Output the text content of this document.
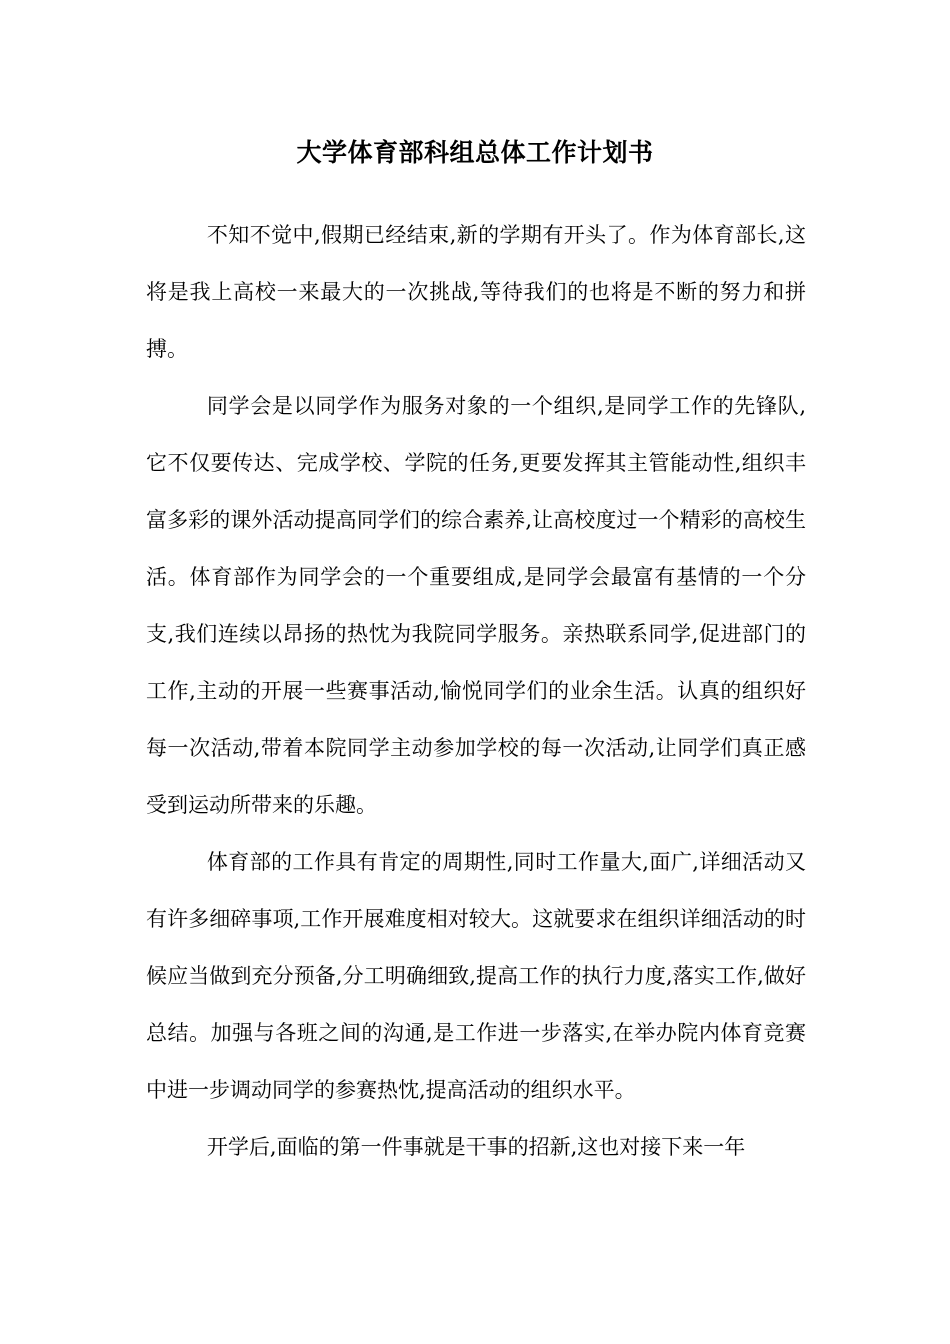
大学体育部科组总体工作计划书

不知不觉中,假期已经结束,新的学期有开头了。作为体育部长,这将是我上高校一来最大的一次挑战,等待我们的也将是不断的努力和拼搏。

同学会是以同学作为服务对象的一个组织,是同学工作的先锋队,它不仅要传达、完成学校、学院的任务,更要发挥其主管能动性,组织丰富多彩的课外活动提高同学们的综合素养,让高校度过一个精彩的高校生活。体育部作为同学会的一个重要组成,是同学会最富有基情的一个分支,我们连续以昂扬的热忱为我院同学服务。亲热联系同学,促进部门的工作,主动的开展一些赛事活动,愉悦同学们的业余生活。认真的组织好每一次活动,带着本院同学主动参加学校的每一次活动,让同学们真正感受到运动所带来的乐趣。

体育部的工作具有肯定的周期性,同时工作量大,面广,详细活动又有许多细碎事项,工作开展难度相对较大。这就要求在组织详细活动的时候应当做到充分预备,分工明确细致,提高工作的执行力度,落实工作,做好总结。加强与各班之间的沟通,是工作进一步落实,在举办院内体育竞赛中进一步调动同学的参赛热忱,提高活动的组织水平。

开学后,面临的第一件事就是干事的招新,这也对接下来一年
